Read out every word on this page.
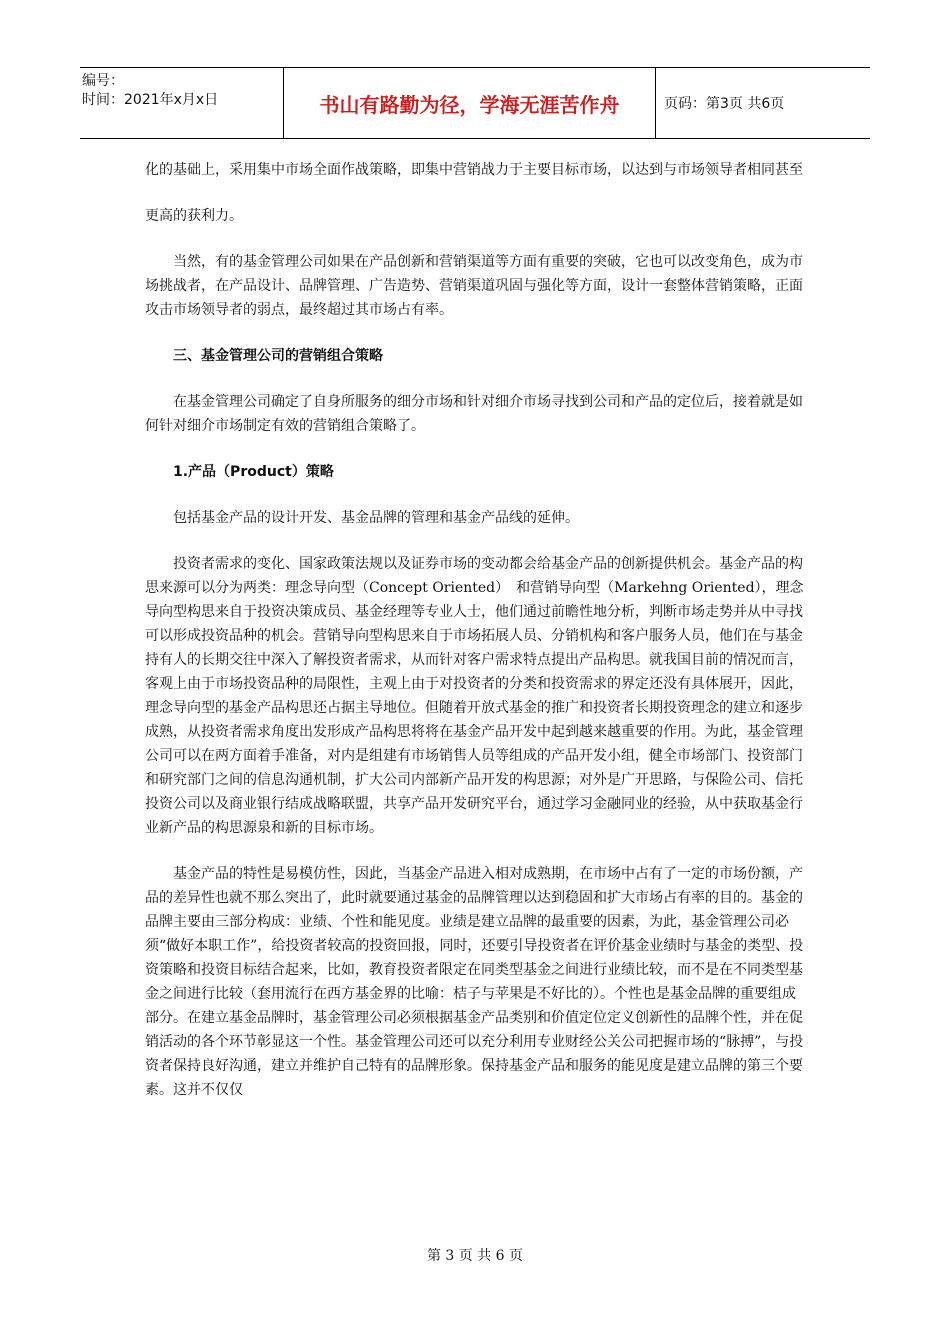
编号：
时间：2021年x月x日	书山有路勤为径，学海无涯苦作舟	页码：第3页 共6页

化的基础上，采用集中市场全面作战策略，即集中营销战力于主要目标市场，以达到与市场领导者相同甚至

更高的获利力。

当然，有的基金管理公司如果在产品创新和营销渠道等方面有重要的突破，它也可以改变角色，成为市场挑战者，在产品设计、品牌管理、广告造势、营销渠道巩固与强化等方面，设计一套整体营销策略，正面攻击市场领导者的弱点，最终超过其市场占有率。

三、基金管理公司的营销组合策略

在基金管理公司确定了自身所服务的细分市场和针对细介市场寻找到公司和产品的定位后，接着就是如何针对细介市场制定有效的营销组合策略了。

1.产品（Product）策略

包括基金产品的设计开发、基金品牌的管理和基金产品线的延伸。

投资者需求的变化、国家政策法规以及证券市场的变动都会给基金产品的创新提供机会。基金产品的构思来源可以分为两类：理念导向型（Concept Oriented）　和营销导向型（Markehng Oriented），理念导向型构思来自于投资决策成员、基金经理等专业人士，他们通过前瞻性地分析，判断市场走势并从中寻找可以形成投资品种的机会。营销导向型构思来自于市场拓展人员、分销机构和客户服务人员，他们在与基金持有人的长期交往中深入了解投资者需求，从而针对客户需求特点提出产品构思。就我国目前的情况而言，客观上由于市场投资品种的局限性，主观上由于对投资者的分类和投资需求的界定还没有具体展开，因此，理念导向型的基金产品构思还占据主导地位。但随着开放式基金的推广和投资者长期投资理念的建立和逐步成熟，从投资者需求角度出发形成产品构思将将在基金产品开发中起到越来越重要的作用。为此，基金管理公司可以在两方面着手准备，对内是组建有市场销售人员等组成的产品开发小组，健全市场部门、投资部门和研究部门之间的信息沟通机制，扩大公司内部新产品开发的构思源；对外是广开思路，与保险公司、信托投资公司以及商业银行结成战略联盟，共享产品开发研究平台，通过学习金融同业的经验，从中获取基金行业新产品的构思源泉和新的目标市场。

基金产品的特性是易模仿性，因此，当基金产品进入相对成熟期，在市场中占有了一定的市场份额，产品的差异性也就不那么突出了，此时就要通过基金的品牌管理以达到稳固和扩大市场占有率的目的。基金的品牌主要由三部分构成：业绩、个性和能见度。业绩是建立品牌的最重要的因素，为此，基金管理公司必须“做好本职工作”，给投资者较高的投资回报，同时，还要引导投资者在评价基金业绩时与基金的类型、投资策略和投资目标结合起来，比如，教育投资者限定在同类型基金之间进行业绩比较，而不是在不同类型基金之间进行比较（套用流行在西方基金界的比喻：桔子与苹果是不好比的）。个性也是基金品牌的重要组成部分。在建立基金品牌时，基金管理公司必须根据基金产品类别和价值定位定义创新性的品牌个性，并在促销活动的各个环节彰显这一个性。基金管理公司还可以充分利用专业财经公关公司把握市场的“脉搏”，与投资者保持良好沟通，建立并维护自己特有的品牌形象。保持基金产品和服务的能见度是建立品牌的第三个要素。这并不仅仅

第 3 页 共 6 页
